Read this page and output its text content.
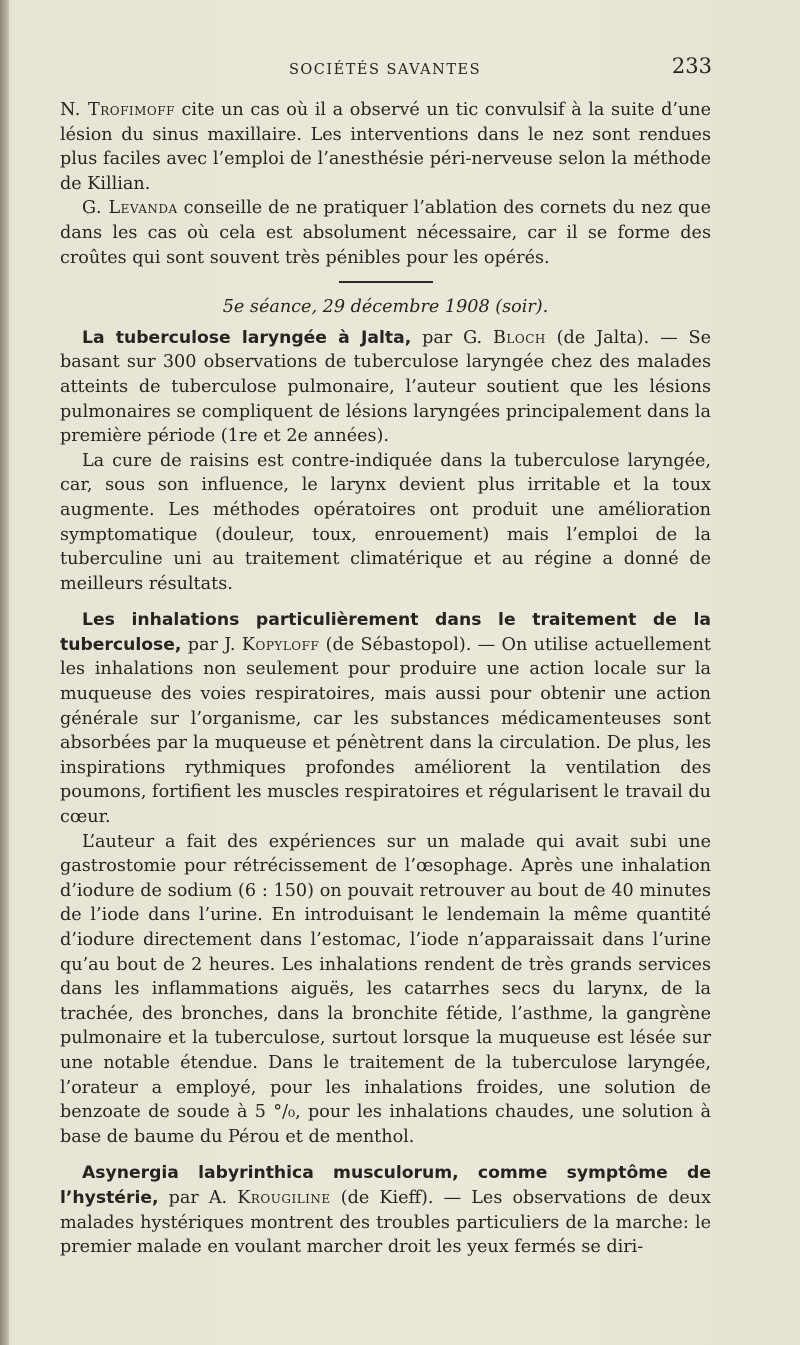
SOCIÉTÉS SAVANTES	233

N. Trofimoff cite un cas où il a observé un tic convulsif à la suite d’une lésion du sinus maxillaire. Les interventions dans le nez sont rendues plus faciles avec l’emploi de l’anesthésie péri-nerveuse selon la méthode de Killian.

G. Levanda conseille de ne pratiquer l’ablation des cornets du nez que dans les cas où cela est absolument nécessaire, car il se forme des croûtes qui sont souvent très pénibles pour les opérés.

5e séance, 29 décembre 1908 (soir).

La tuberculose laryngée à Jalta, par G. Bloch (de Jalta). — Se basant sur 300 observations de tuberculose laryngée chez des malades atteints de tuberculose pulmonaire, l’auteur soutient que les lésions pulmonaires se compliquent de lésions laryngées principalement dans la première période (1re et 2e années).

La cure de raisins est contre-indiquée dans la tuberculose laryngée, car, sous son influence, le larynx devient plus irritable et la toux augmente. Les méthodes opératoires ont produit une amélioration symptomatique (douleur, toux, enrouement) mais l’emploi de la tuberculine uni au traitement climatérique et au régine a donné de meilleurs résultats.

Les inhalations particulièrement dans le traitement de la tuberculose, par J. Kopyloff (de Sébastopol). — On utilise actuellement les inhalations non seulement pour produire une action locale sur la muqueuse des voies respiratoires, mais aussi pour obtenir une action générale sur l’organisme, car les substances médicamenteuses sont absorbées par la muqueuse et pénètrent dans la circulation. De plus, les inspirations rythmiques profondes améliorent la ventilation des poumons, fortifient les muscles respiratoires et régularisent le travail du cœur.

L’auteur a fait des expériences sur un malade qui avait subi une gastrostomie pour rétrécissement de l’œsophage. Après une inhalation d’iodure de sodium (6 : 150) on pouvait retrouver au bout de 40 minutes de l’iode dans l’urine. En introduisant le lendemain la même quantité d’iodure directement dans l’estomac, l’iode n’apparaissait dans l’urine qu’au bout de 2 heures. Les inhalations rendent de très grands services dans les inflammations aiguës, les catarrhes secs du larynx, de la trachée, des bronches, dans la bronchite fétide, l’asthme, la gangrène pulmonaire et la tuberculose, surtout lorsque la muqueuse est lésée sur une notable étendue. Dans le traitement de la tuberculose laryngée, l’orateur a employé, pour les inhalations froides, une solution de benzoate de soude à 5 °/₀, pour les inhalations chaudes, une solution à base de baume du Pérou et de menthol.

Asynergia labyrinthica musculorum, comme symptôme de l’hystérie, par A. Krougiline (de Kieff). — Les observations de deux malades hystériques montrent des troubles particuliers de la marche: le premier malade en voulant marcher droit les yeux fermés se diri-
